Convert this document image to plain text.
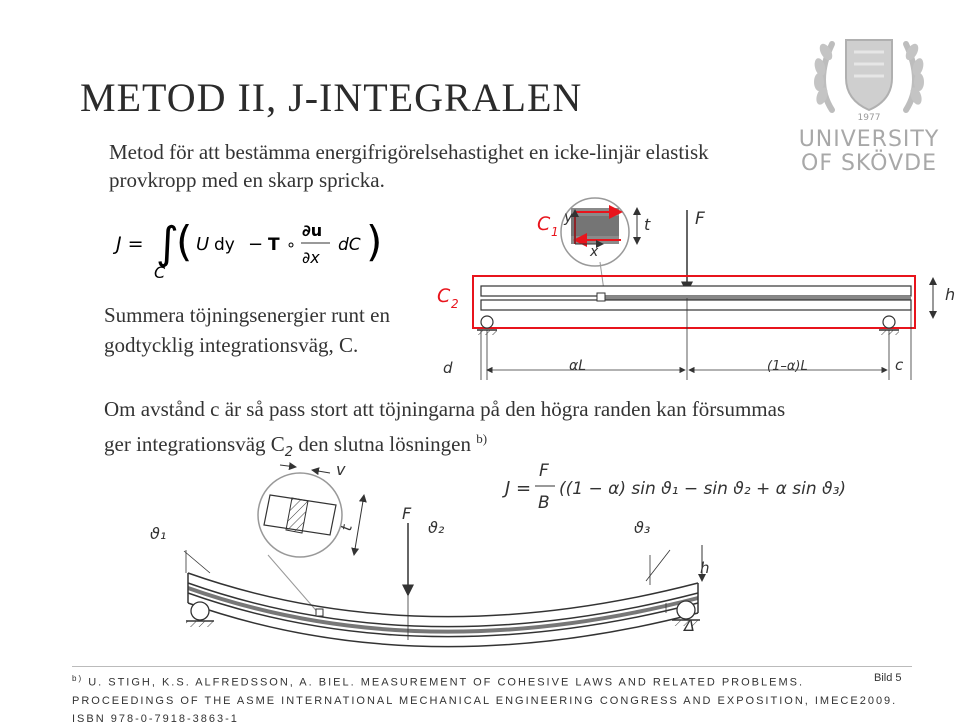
METOD II, J-INTEGRALEN	1977
UNIVERSITY
OF SKÖVDE
Metod för att bestämma energifrigörelsehastighet en icke-linjär elastisk
provkropp med en skarp spricka.
J = ∫
C
( U dy − T ∘
∂u
∂x
dC )
Summera töjningsenergier runt en
godtycklig integrationsväg, C.
y
x
C 1	t	F
C 2	h
d	αL	(1–α)L	c
Om avstånd c är så pass stort att töjningarna på den högra randen kan försummas
ger integrationsväg $C_2$ den slutna lösningen $^{b)}$
J =
F
B
((1 − α) sin ϑ₁ − sin ϑ₂ + α sin ϑ₃)
v
t
F
ϑ₂
ϑ₁	ϑ₃
h
Δ
$^{b)}$ U. STIGH, K.S. ALFREDSSON, A. BIEL. MEASUREMENT OF COHESIVE LAWS AND RELATED PROBLEMS.
PROCEEDINGS OF THE ASME INTERNATIONAL MECHANICAL ENGINEERING CONGRESS AND EXPOSITION, IMECE2009.
ISBN 978-0-7918-3863-1
Bild 5
